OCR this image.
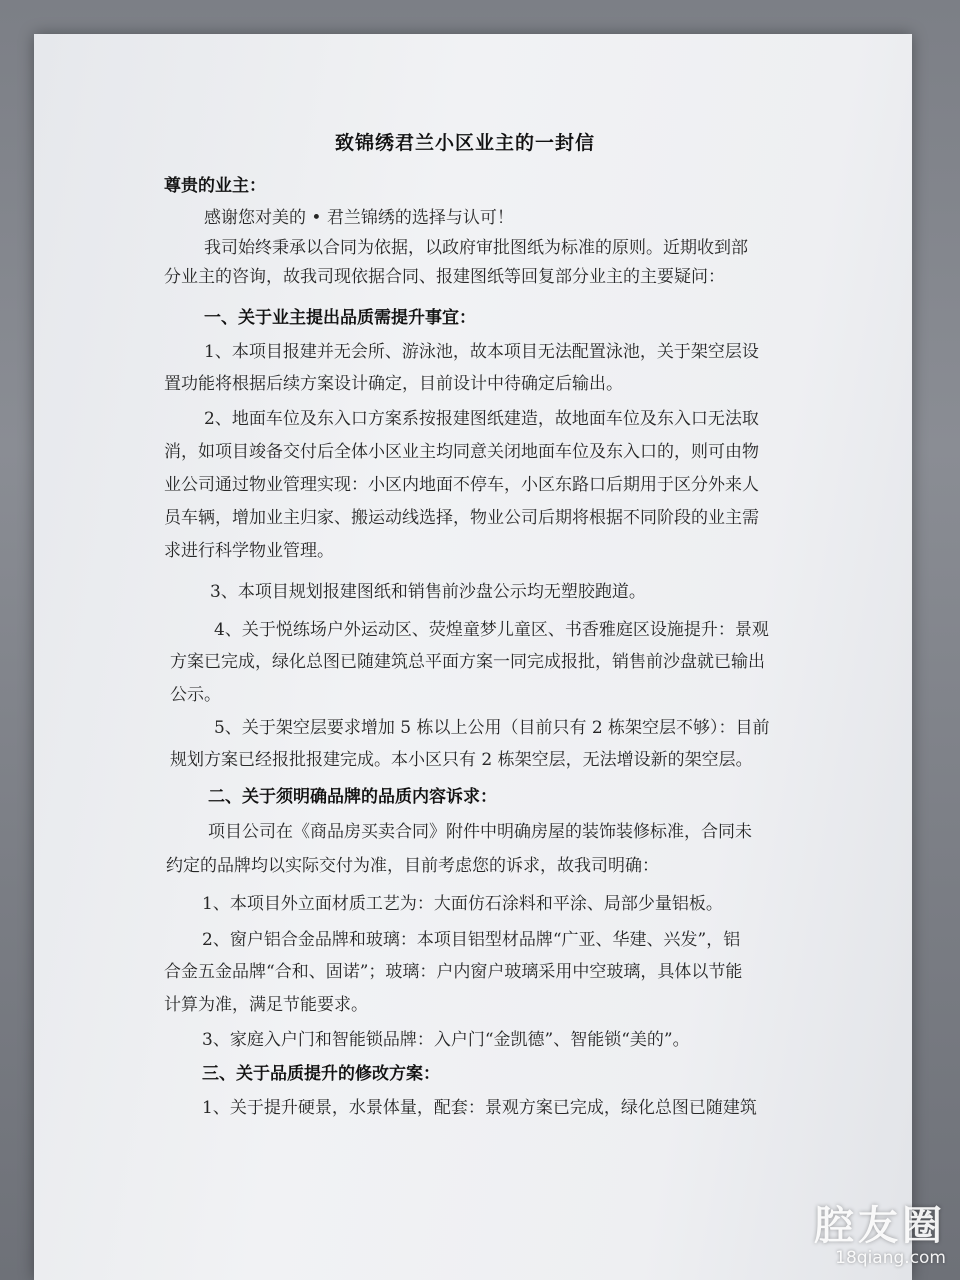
致锦绣君兰小区业主的一封信
尊贵的业主：
感谢您对美的 • 君兰锦绣的选择与认可！
我司始终秉承以合同为依据，以政府审批图纸为标准的原则。近期收到部
分业主的咨询，故我司现依据合同、报建图纸等回复部分业主的主要疑问：
一、关于业主提出品质需提升事宜：
1、本项目报建并无会所、游泳池，故本项目无法配置泳池，关于架空层设
置功能将根据后续方案设计确定，目前设计中待确定后输出。
2、地面车位及东入口方案系按报建图纸建造，故地面车位及东入口无法取
消，如项目竣备交付后全体小区业主均同意关闭地面车位及东入口的，则可由物
业公司通过物业管理实现：小区内地面不停车，小区东路口后期用于区分外来人
员车辆，增加业主归家、搬运动线选择，物业公司后期将根据不同阶段的业主需
求进行科学物业管理。
3、本项目规划报建图纸和销售前沙盘公示均无塑胶跑道。
4、关于悦练场户外运动区、荧煌童梦儿童区、书香雅庭区设施提升：景观
方案已完成，绿化总图已随建筑总平面方案一同完成报批，销售前沙盘就已输出
公示。
5、关于架空层要求增加 5 栋以上公用（目前只有 2 栋架空层不够）：目前
规划方案已经报批报建完成。本小区只有 2 栋架空层，无法增设新的架空层。
二、关于须明确品牌的品质内容诉求：
项目公司在《商品房买卖合同》附件中明确房屋的装饰装修标准，合同未
约定的品牌均以实际交付为准，目前考虑您的诉求，故我司明确：
1、本项目外立面材质工艺为：大面仿石涂料和平涂、局部少量铝板。
2、窗户铝合金品牌和玻璃：本项目铝型材品牌“广亚、华建、兴发”，铝
合金五金品牌“合和、固诺”；玻璃：户内窗户玻璃采用中空玻璃，具体以节能
计算为准，满足节能要求。
3、家庭入户门和智能锁品牌：入户门“金凯德”、智能锁“美的”。
三、关于品质提升的修改方案：
1、关于提升硬景，水景体量，配套：景观方案已完成，绿化总图已随建筑
腔友圈
18qiang.com
